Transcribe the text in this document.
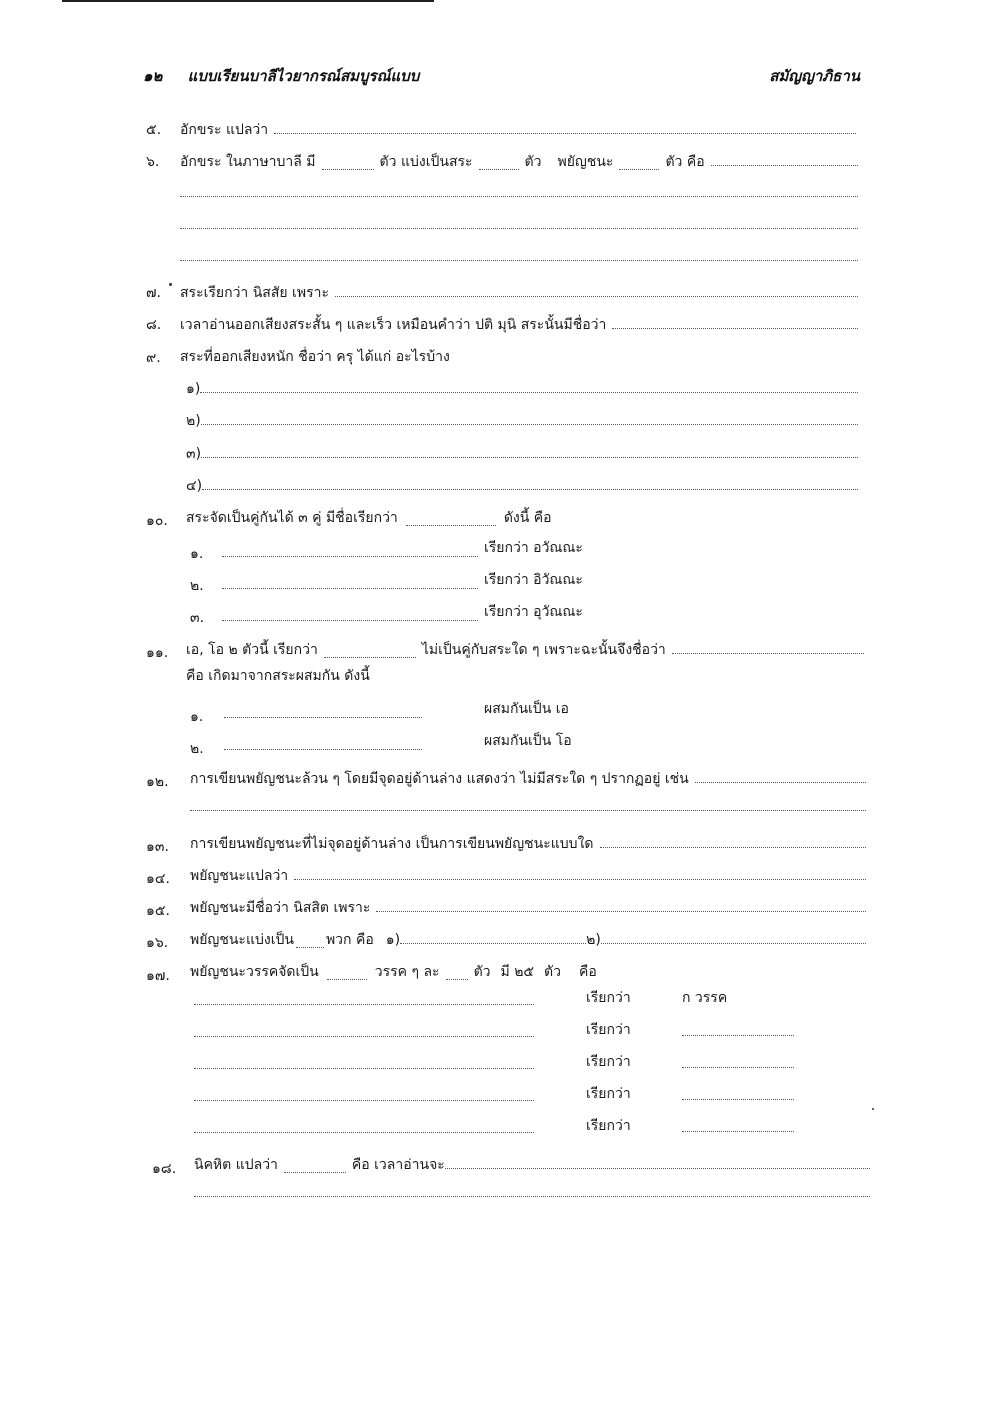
๑๒ แบบเรียนบาลีไวยากรณ์สมบูรณ์แบบ	สมัญญาภิธาน
๕. อักขระ แปลว่า
๖. อักขระ ในภาษาบาลี มี	ตัว แบ่งเป็นสระ	ตัว พยัญชนะ	ตัว คือ
๗. สระเรียกว่า นิสสัย เพราะ
๘. เวลาอ่านออกเสียงสระสั้น ๆ และเร็ว เหมือนคำว่า ปติ มุนิ สระนั้นมีชื่อว่า
๙. สระที่ออกเสียงหนัก ชื่อว่า ครุ ได้แก่ อะไรบ้าง
๑)
๒)
๓)
๔)
๑๐. สระจัดเป็นคู่กันได้ ๓ คู่ มีชื่อเรียกว่า	ดังนี้ คือ
๑.	เรียกว่า อวัณณะ
๒.	เรียกว่า อิวัณณะ
๓.	เรียกว่า อุวัณณะ
๑๑. เอ, โอ ๒ ตัวนี้ เรียกว่า	ไม่เป็นคู่กับสระใด ๆ เพราะฉะนั้นจึงชื่อว่า
คือ เกิดมาจากสระผสมกัน ดังนี้
๑.	ผสมกันเป็น เอ
๒.	ผสมกันเป็น โอ
๑๒. การเขียนพยัญชนะล้วน ๆ โดยมีจุดอยู่ด้านล่าง แสดงว่า ไม่มีสระใด ๆ ปรากฏอยู่ เช่น
๑๓. การเขียนพยัญชนะที่ไม่จุดอยู่ด้านล่าง เป็นการเขียนพยัญชนะแบบใด
๑๔. พยัญชนะแปลว่า
๑๕. พยัญชนะมีชื่อว่า นิสสิต เพราะ
๑๖. พยัญชนะแบ่งเป็น พวก คือ ๑)	๒)
๑๗. พยัญชนะวรรคจัดเป็น	วรรค ๆ ละ ตัว มี ๒๕ ตัว คือ
เรียกว่า	ก วรรค
เรียกว่า
เรียกว่า
เรียกว่า
เรียกว่า
๑๘. นิคหิต แปลว่า	คือ เวลาอ่านจะ
